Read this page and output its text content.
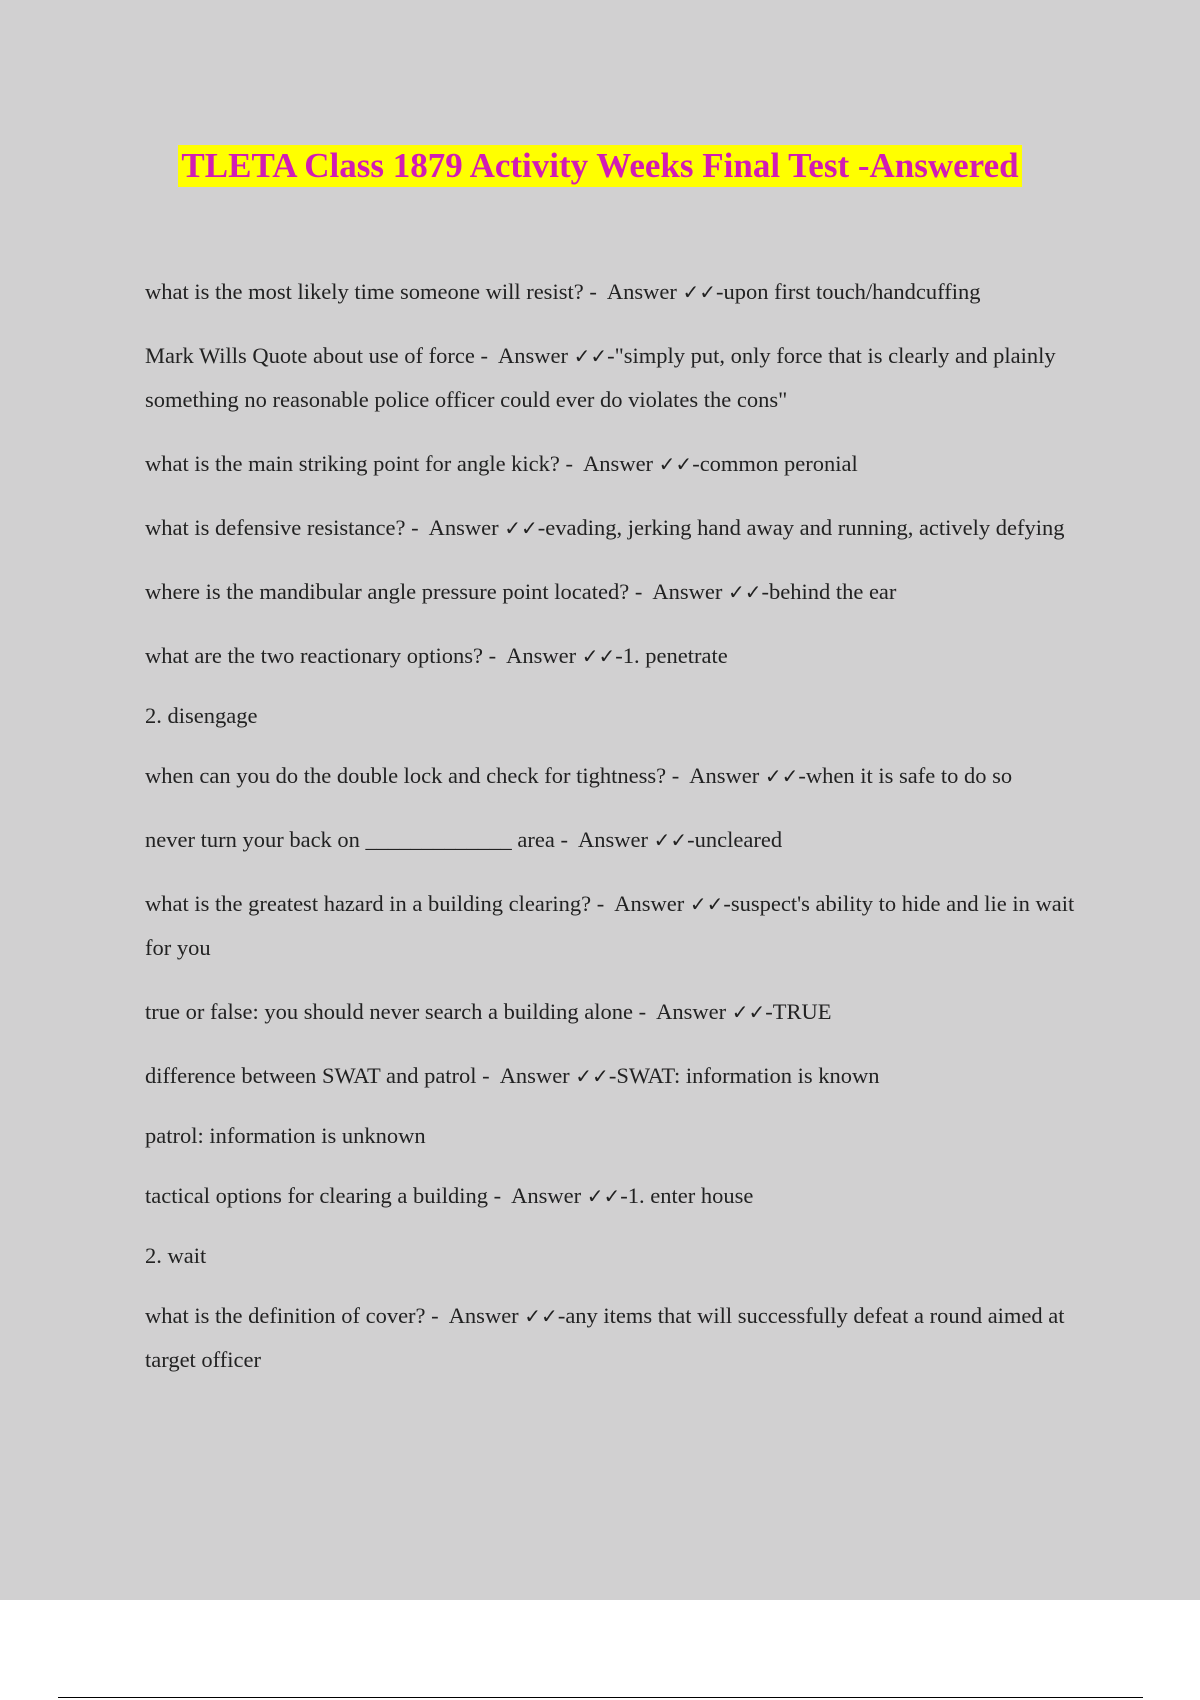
TLETA Class 1879 Activity Weeks Final Test -Answered
what is the most likely time someone will resist? -  Answer ✓✓-upon first touch/handcuffing
Mark Wills Quote about use of force -  Answer ✓✓-"simply put, only force that is clearly and plainly something no reasonable police officer could ever do violates the cons"
what is the main striking point for angle kick? -  Answer ✓✓-common peronial
what is defensive resistance? -  Answer ✓✓-evading, jerking hand away and running, actively defying
where is the mandibular angle pressure point located? -  Answer ✓✓-behind the ear
what are the two reactionary options? -  Answer ✓✓-1. penetrate
2. disengage
when can you do the double lock and check for tightness? -  Answer ✓✓-when it is safe to do so
never turn your back on _____________ area -  Answer ✓✓-uncleared
what is the greatest hazard in a building clearing? -  Answer ✓✓-suspect's ability to hide and lie in wait for you
true or false: you should never search a building alone -  Answer ✓✓-TRUE
difference between SWAT and patrol -  Answer ✓✓-SWAT: information is known
patrol: information is unknown
tactical options for clearing a building -  Answer ✓✓-1. enter house
2. wait
what is the definition of cover? -  Answer ✓✓-any items that will successfully defeat a round aimed at target officer
